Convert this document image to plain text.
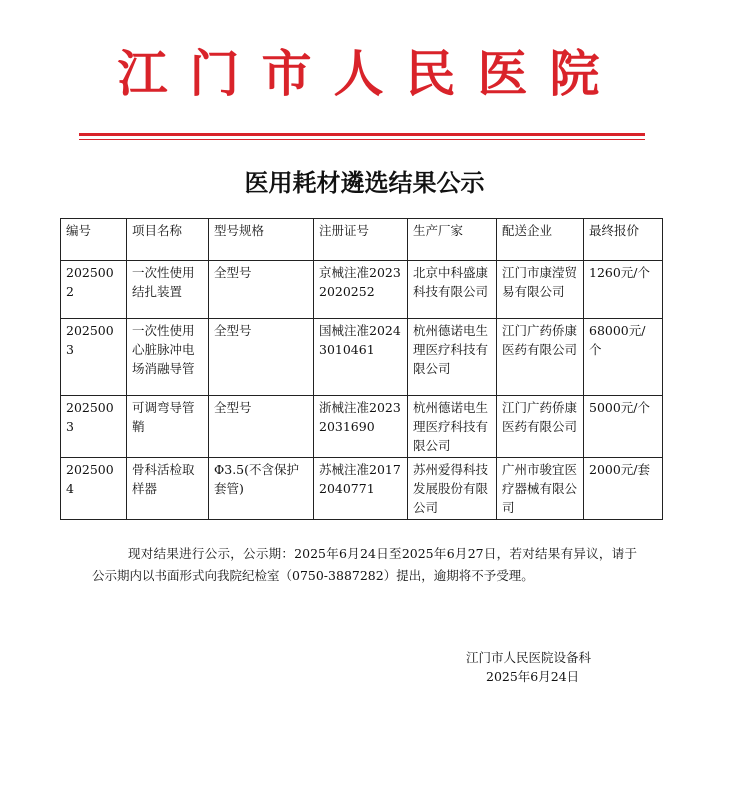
江门市人民医院
医用耗材遴选结果公示
编号	项目名称	型号规格	注册证号	生产厂家	配送企业	最终报价
2025002	一次性使用结扎装置	全型号	京械注准20232020252	北京中科盛康科技有限公司	江门市康滢贸易有限公司	1260元/个
2025003	一次性使用心脏脉冲电场消融导管	全型号	国械注准20243010461	杭州德诺电生理医疗科技有限公司	江门广药侨康医药有限公司	68000元/个
2025003	可调弯导管鞘	全型号	浙械注准20232031690	杭州德诺电生理医疗科技有限公司	江门广药侨康医药有限公司	5000元/个
2025004	骨科活检取样器	Φ3.5(不含保护套管)	苏械注准20172040771	苏州爱得科技发展股份有限公司	广州市骏宜医疗器械有限公司	2000元/套

现对结果进行公示，公示期：2025年6月24日至2025年6月27日，若对结果有异议，请于公示期内以书面形式向我院纪检室（0750-3887282）提出，逾期将不予受理。

江门市人民医院设备科
2025年6月24日
